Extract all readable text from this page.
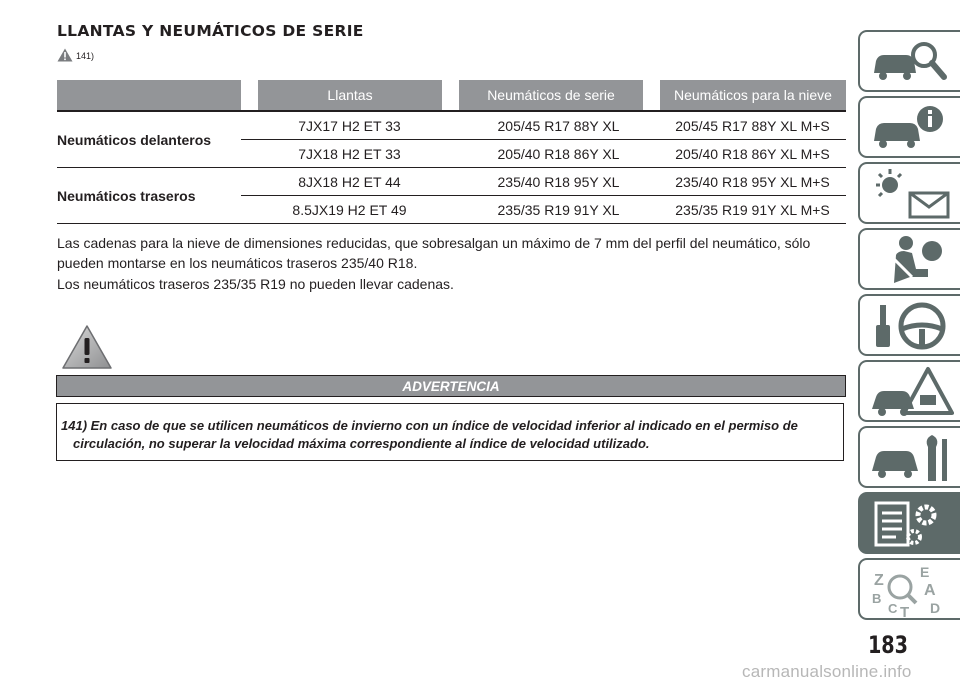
LLANTAS Y NEUMÁTICOS DE SERIE
141)
Llantas	Neumáticos de serie	Neumáticos para la nieve
Neumáticos delanteros
7JX17 H2 ET 33	205/45 R17 88Y XL	205/45 R17 88Y XL M+S
7JX18 H2 ET 33	205/40 R18 86Y XL	205/40 R18 86Y XL M+S
Neumáticos traseros
8JX18 H2 ET 44	235/40 R18 95Y XL	235/40 R18 95Y XL M+S
8.5JX19 H2 ET 49	235/35 R19 91Y XL	235/35 R19 91Y XL M+S
Las cadenas para la nieve de dimensiones reducidas, que sobresalgan un máximo de 7 mm del perfil del neumático, sólo pueden montarse en los neumáticos traseros 235/40 R18.
Los neumáticos traseros 235/35 R19 no pueden llevar cadenas.
ADVERTENCIA
141) En caso de que se utilicen neumáticos de invierno con un índice de velocidad inferior al indicado en el permiso de circulación, no superar la velocidad máxima correspondiente al índice de velocidad utilizado.
Z	E
B	A
C T D
183
carmanualsonline.info
